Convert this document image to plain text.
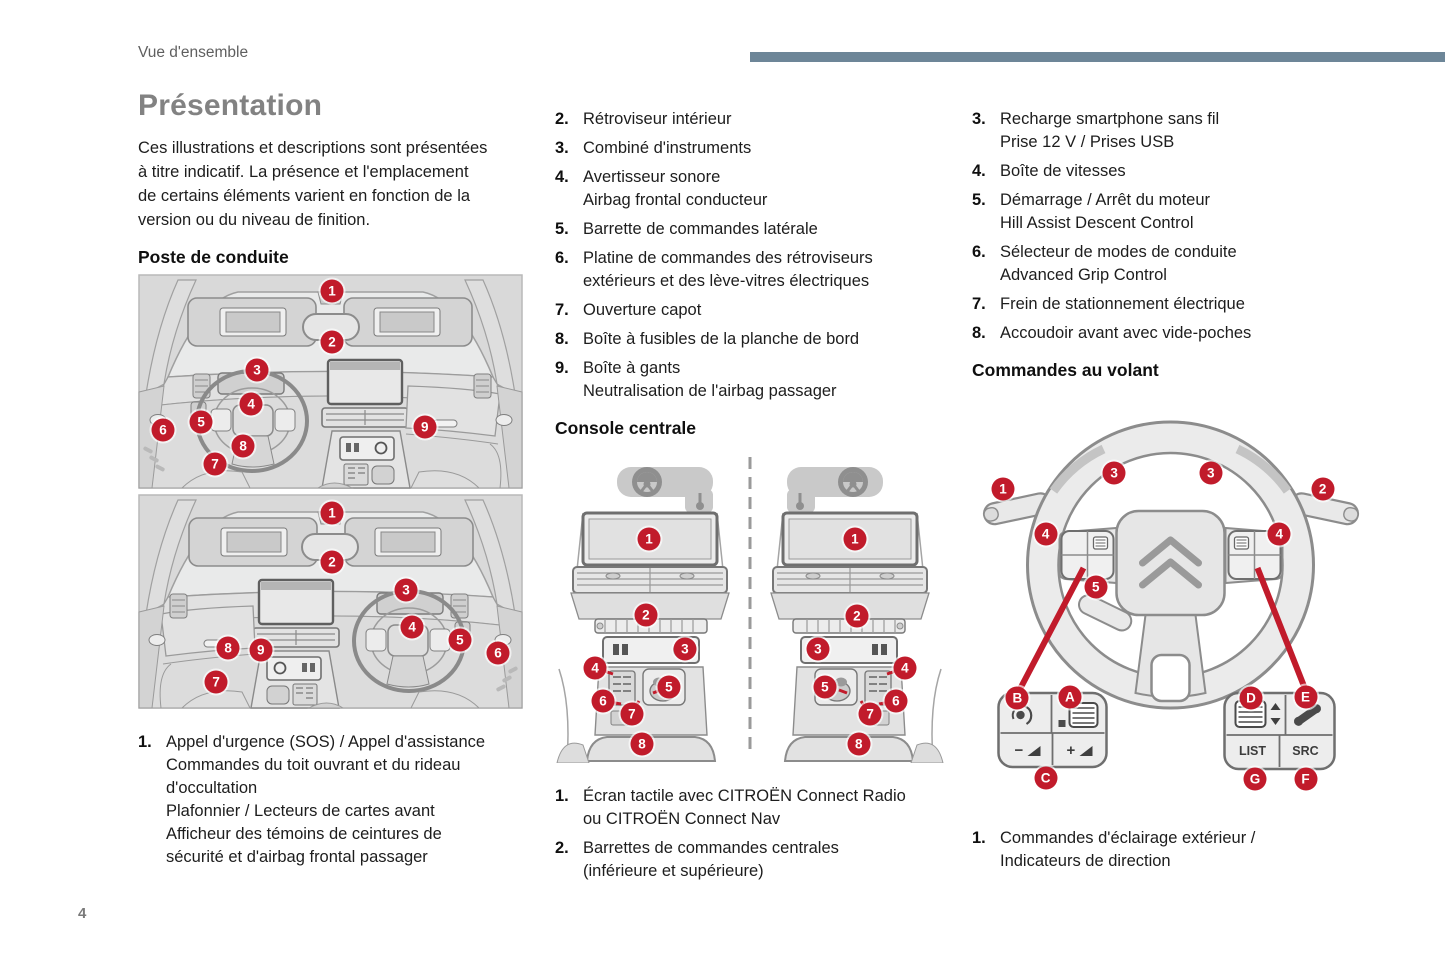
Vue d'ensemble
Présentation
Ces illustrations et descriptions sont présentées
à titre indicatif. La présence et l'emplacement
de certains éléments varient en fonction de la
version ou du niveau de finition.
Poste de conduite
1
2
3
4
5
6
7
8
9
1
2
3
4
5
6
7
8	9
1. Appel d'urgence (SOS) / Appel d'assistance
Commandes du toit ouvrant et du rideau
d'occultation
Plafonnier / Lecteurs de cartes avant
Afficheur des témoins de ceintures de
sécurité et d'airbag frontal passager
2. Rétroviseur intérieur
3. Combiné d'instruments
4. Avertisseur sonore
Airbag frontal conducteur
5. Barrette de commandes latérale
6. Platine de commandes des rétroviseurs
extérieurs et des lève-vitres électriques
7. Ouverture capot
8. Boîte à fusibles de la planche de bord
9. Boîte à gants
Neutralisation de l'airbag passager
Console centrale
1
2
3
4
5
6
7
8
1
2
3
4
5
6
7
8
1. Écran tactile avec CITROËN Connect Radio
ou CITROËN Connect Nav
2. Barrettes de commandes centrales
(inférieure et supérieure)
3. Recharge smartphone sans fil
Prise 12 V / Prises USB
4. Boîte de vitesses
5. Démarrage / Arrêt du moteur
Hill Assist Descent Control
6. Sélecteur de modes de conduite
Advanced Grip Control
7. Frein de stationnement électrique
8. Accoudoir avant avec vide-poches
Commandes au volant
−	+	LIST SRC
1	2
3	3
4	4
5
B	A
C
D	E
G	F
1. Commandes d'éclairage extérieur /
Indicateurs de direction
4
